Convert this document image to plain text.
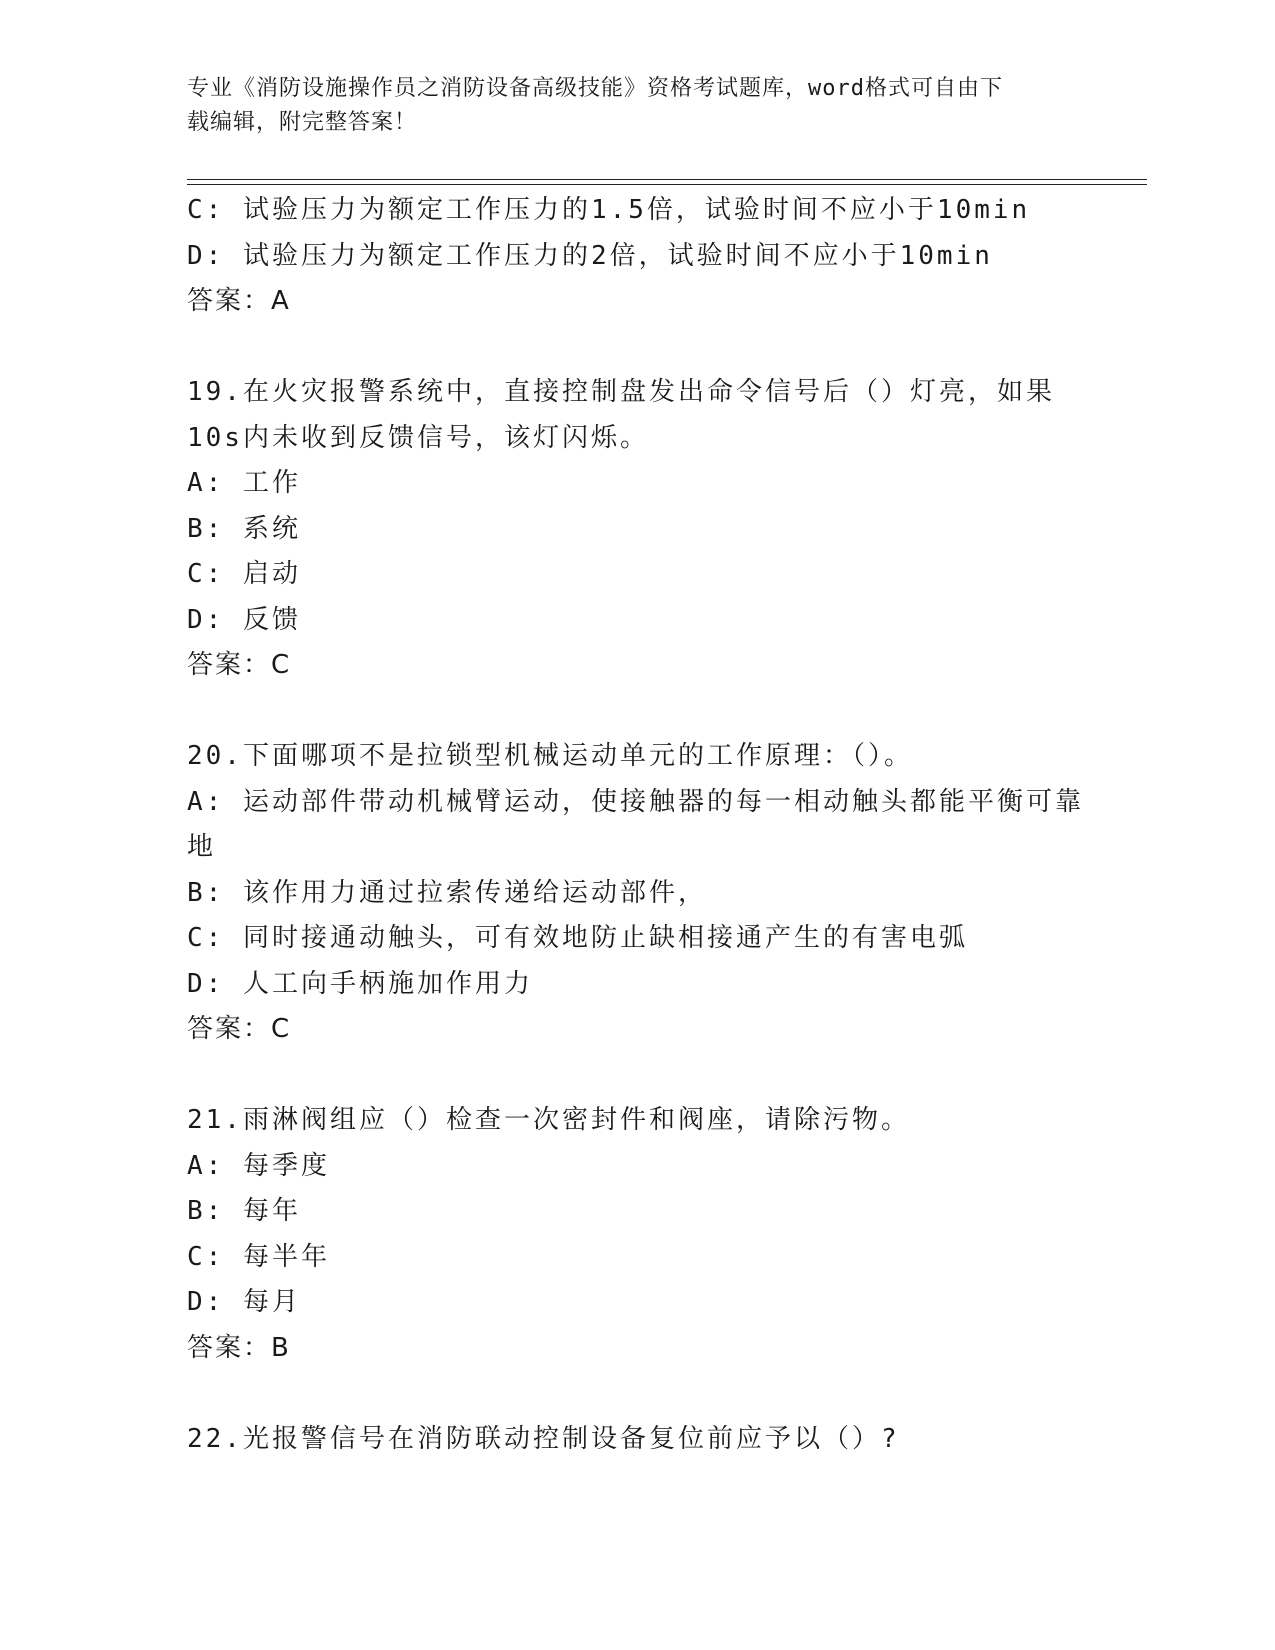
专业《消防设施操作员之消防设备高级技能》资格考试题库，word格式可自由下
载编辑，附完整答案！
C: 试验压力为额定工作压力的1.5倍，试验时间不应小于10min
D: 试验压力为额定工作压力的2倍，试验时间不应小于10min
答案：A
19.在火灾报警系统中，直接控制盘发出命令信号后（）灯亮，如果
10s内未收到反馈信号，该灯闪烁。
A: 工作
B: 系统
C: 启动
D: 反馈
答案：C
20.下面哪项不是拉锁型机械运动单元的工作原理：（）。
A: 运动部件带动机械臂运动，使接触器的每一相动触头都能平衡可靠
地
B: 该作用力通过拉索传递给运动部件，
C: 同时接通动触头，可有效地防止缺相接通产生的有害电弧
D: 人工向手柄施加作用力
答案：C
21.雨淋阀组应（）检查一次密封件和阀座，请除污物。
A: 每季度
B: 每年
C: 每半年
D: 每月
答案：B
22.光报警信号在消防联动控制设备复位前应予以（）?
